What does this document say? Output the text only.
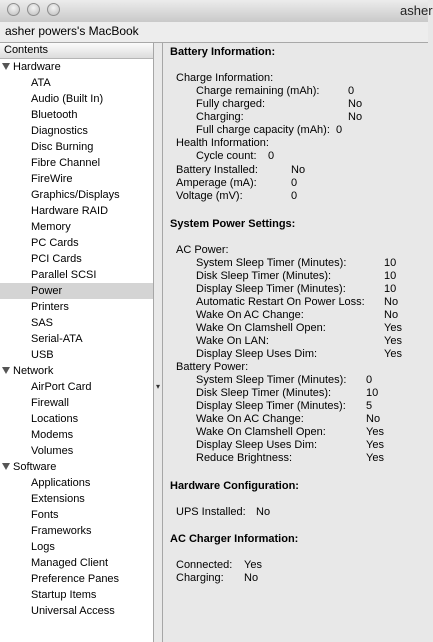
asher
asher powers's MacBook
Contents
Hardware
ATA
Audio (Built In)
Bluetooth
Diagnostics
Disc Burning
Fibre Channel
FireWire
Graphics/Displays
Hardware RAID
Memory
PC Cards
PCI Cards
Parallel SCSI
Power
Printers
SAS
Serial-ATA
USB
Network
AirPort Card
Firewall
Locations
Modems
Volumes
Software
Applications
Extensions
Fonts
Frameworks
Logs
Managed Client
Preference Panes
Startup Items
Universal Access
▾
Battery Information:
System Power Settings:
Hardware Configuration:
AC Charger Information:
Charge Information:
Charge remaining (mAh):	0
Fully charged:	No
Charging:	No
Full charge capacity (mAh): 0
Health Information:
Cycle count: 0
Battery Installed:	No
Amperage (mA):	0
Voltage (mV):	0
AC Power:
System Sleep Timer (Minutes):	10
Disk Sleep Timer (Minutes):	10
Display Sleep Timer (Minutes):	10
Automatic Restart On Power Loss: No
Wake On AC Change:	No
Wake On Clamshell Open:	Yes
Wake On LAN:	Yes
Display Sleep Uses Dim:	Yes
Battery Power:
System Sleep Timer (Minutes): 0
Disk Sleep Timer (Minutes):	10
Display Sleep Timer (Minutes): 5
Wake On AC Change:	No
Wake On Clamshell Open:	Yes
Display Sleep Uses Dim:	Yes
Reduce Brightness:	Yes
UPS Installed: No
Connected: Yes
Charging: No
